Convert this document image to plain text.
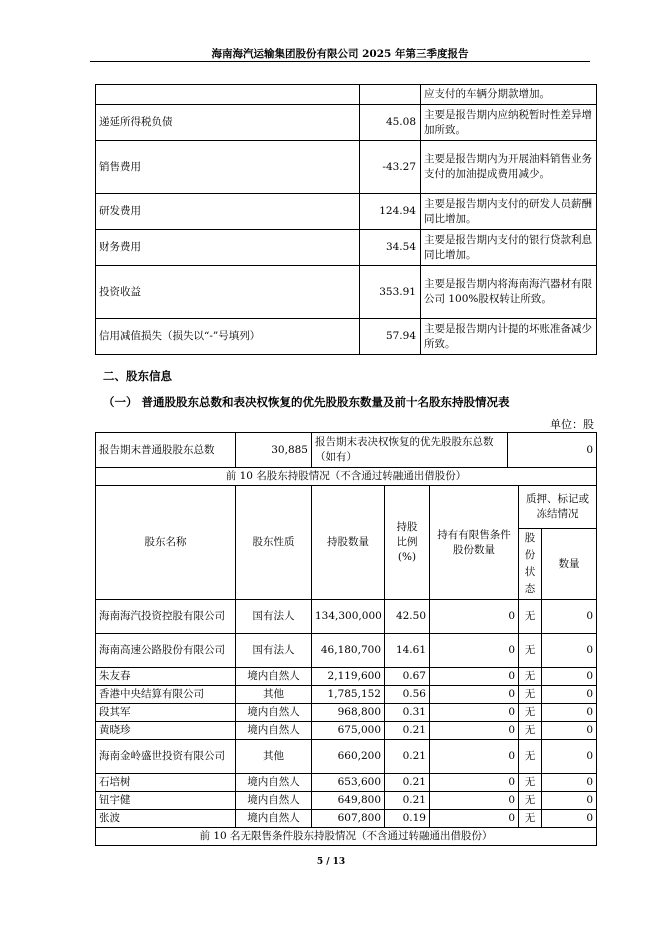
海南海汽运输集团股份有限公司 2025 年第三季度报告
		应支付的车辆分期款增加。
递延所得税负债	45.08	主要是报告期内应纳税暂时性差异增加所致。
销售费用	-43.27	主要是报告期内为开展油料销售业务支付的加油提成费用减少。
研发费用	124.94	主要是报告期内支付的研发人员薪酬同比增加。
财务费用	34.54	主要是报告期内支付的银行贷款利息同比增加。
投资收益	353.91	主要是报告期内将海南海汽器材有限公司 100%股权转让所致。
信用减值损失（损失以“-”号填列）	57.94	主要是报告期内计提的坏账准备减少所致。
二、股东信息
（一） 普通股股东总数和表决权恢复的优先股股东数量及前十名股东持股情况表
单位：股
报告期末普通股股东总数	30,885	报告期末表决权恢复的优先股股东总数（如有）	0
前 10 名股东持股情况（不含通过转融通出借股份）						
股东名称	股东性质	持股数量	持股
比例
(%)	持有有限售条件股份数量	质押、标记或冻结情况	
					股
份
状
态	数量
海南海汽投资控股有限公司	国有法人	134,300,000	42.50	0	无	0
海南高速公路股份有限公司	国有法人	46,180,700	14.61	0	无	0
朱友春	境内自然人	2,119,600	0.67	0	无	0
香港中央结算有限公司	其他	1,785,152	0.56	0	无	0
段其军	境内自然人	968,800	0.31	0	无	0
黄晓珍	境内自然人	675,000	0.21	0	无	0
海南金岭盛世投资有限公司	其他	660,200	0.21	0	无	0
石培树	境内自然人	653,600	0.21	0	无	0
钮宇健	境内自然人	649,800	0.21	0	无	0
张波	境内自然人	607,800	0.19	0	无	0
前 10 名无限售条件股东持股情况（不含通过转融通出借股份）						
5 / 13
